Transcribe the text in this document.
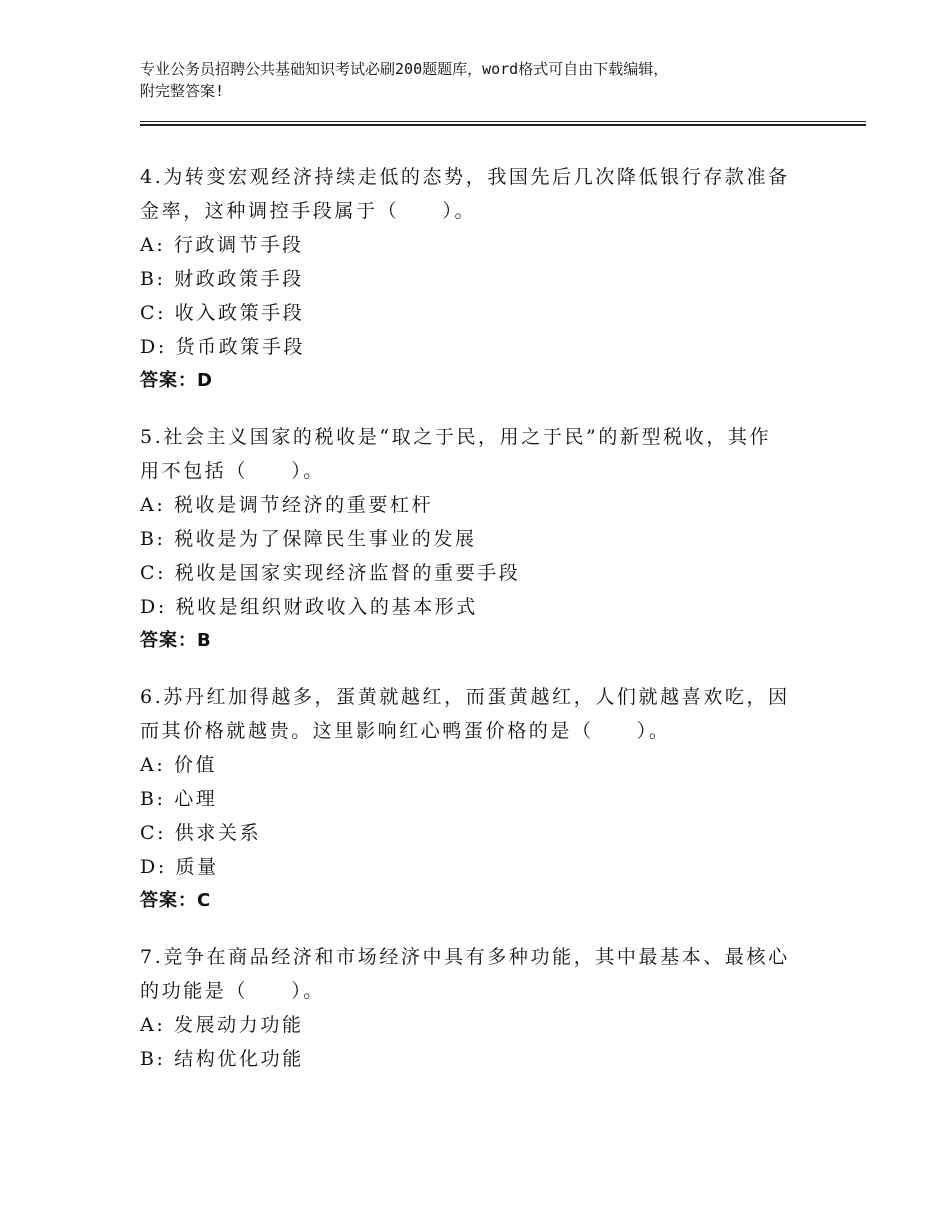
专业公务员招聘公共基础知识考试必刷200题题库，word格式可自由下载编辑，
附完整答案!
4.为转变宏观经济持续走低的态势，我国先后几次降低银行存款准备
金率，这种调控手段属于（　　）。
A: 行政调节手段
B: 财政政策手段
C: 收入政策手段
D: 货币政策手段
答案：D
5.社会主义国家的税收是“取之于民，用之于民”的新型税收，其作
用不包括（　　）。
A: 税收是调节经济的重要杠杆
B: 税收是为了保障民生事业的发展
C: 税收是国家实现经济监督的重要手段
D: 税收是组织财政收入的基本形式
答案：B
6.苏丹红加得越多，蛋黄就越红，而蛋黄越红，人们就越喜欢吃，因
而其价格就越贵。这里影响红心鸭蛋价格的是（　　）。
A: 价值
B: 心理
C: 供求关系
D: 质量
答案：C
7.竞争在商品经济和市场经济中具有多种功能，其中最基本、最核心
的功能是（　　）。
A: 发展动力功能
B: 结构优化功能
